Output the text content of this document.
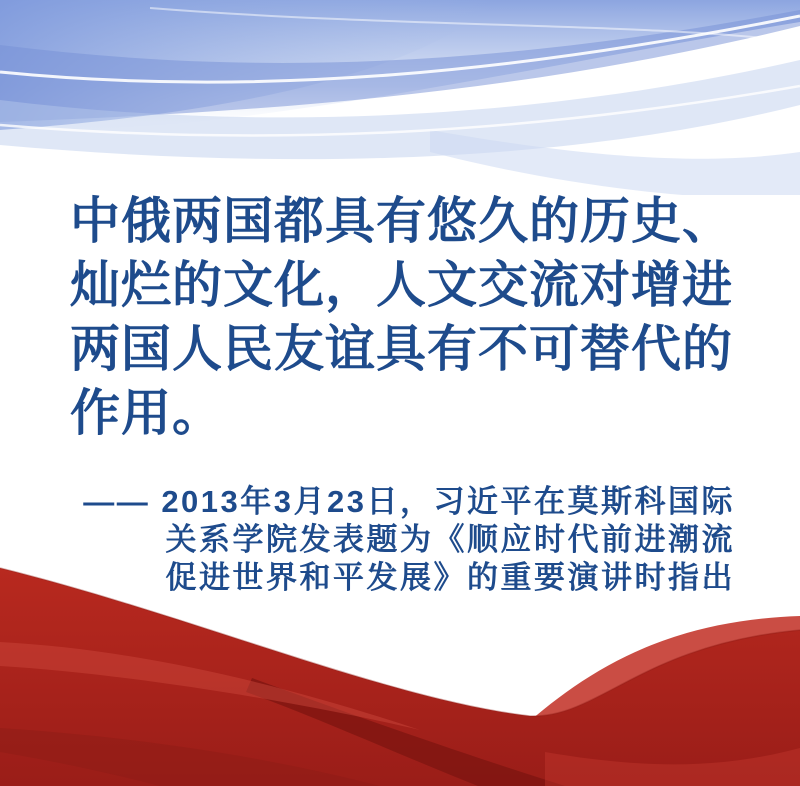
中俄两国都具有悠久的历史、
灿烂的文化，人文交流对增进
两国人民友谊具有不可替代的
作用。
—— 2013年3月23日，习近平在莫斯科国际
关系学院发表题为《顺应时代前进潮流
促进世界和平发展》的重要演讲时指出
